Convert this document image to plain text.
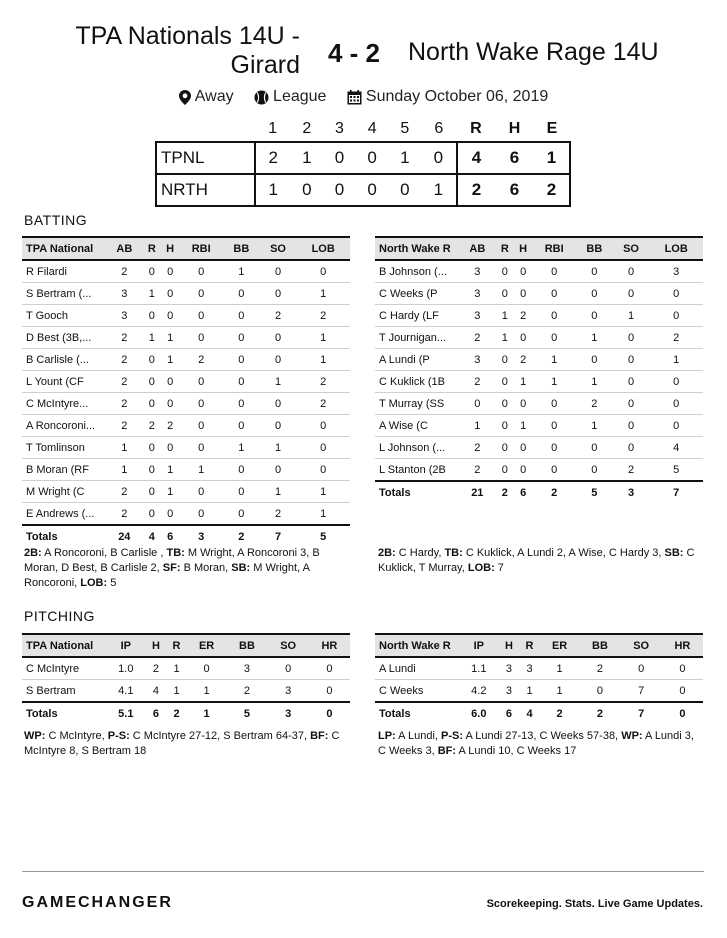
TPA Nationals 14U -
Girard	4 - 2	North Wake Rage 14U
Away
League
Sunday October 06, 2019
	1	2	3	4	5	6	R	H	E
TPNL	2	1	0	0	1	0	4	6	1
NRTH	1	0	0	0	0	1	2	6	2
BATTING
TPA National	AB	R	H	RBI	BB	SO	LOB
R Filardi	2	0	0	0	1	0	0
S Bertram (...	3	1	0	0	0	0	1
T Gooch	3	0	0	0	0	2	2
D Best (3B,...	2	1	1	0	0	0	1
B Carlisle (...	2	0	1	2	0	0	1
L Yount (CF	2	0	0	0	0	1	2
C McIntyre...	2	0	0	0	0	0	2
A Roncoroni...	2	2	2	0	0	0	0
T Tomlinson	1	0	0	0	1	1	0
B Moran (RF	1	0	1	1	0	0	0
M Wright (C	2	0	1	0	0	1	1
E Andrews (...	2	0	0	0	0	2	1
Totals	24	4	6	3	2	7	5
North Wake R	AB	R	H	RBI	BB	SO	LOB
B Johnson (...	3	0	0	0	0	0	3
C Weeks (P	3	0	0	0	0	0	0
C Hardy (LF	3	1	2	0	0	1	0
T Journigan...	2	1	0	0	1	0	2
A Lundi (P	3	0	2	1	0	0	1
C Kuklick (1B	2	0	1	1	1	0	0
T Murray (SS	0	0	0	0	2	0	0
A Wise (C	1	0	1	0	1	0	0
L Johnson (...	2	0	0	0	0	0	4
L Stanton (2B	2	0	0	0	0	2	5
Totals	21	2	6	2	5	3	7
2B: A Roncoroni, B Carlisle , TB: M Wright, A Roncoroni 3, B Moran, D Best, B Carlisle 2, SF: B Moran, SB: M Wright, A Roncoroni, LOB: 5
2B: C Hardy, TB: C Kuklick, A Lundi 2, A Wise, C Hardy 3, SB: C Kuklick, T Murray, LOB: 7
PITCHING
TPA National	IP	H	R	ER	BB	SO	HR
C McIntyre	1.0	2	1	0	3	0	0
S Bertram	4.1	4	1	1	2	3	0
Totals	5.1	6	2	1	5	3	0
North Wake R	IP	H	R	ER	BB	SO	HR
A Lundi	1.1	3	3	1	2	0	0
C Weeks	4.2	3	1	1	0	7	0
Totals	6.0	6	4	2	2	7	0
WP: C McIntyre, P-S: C McIntyre 27-12, S Bertram 64-37, BF: C McIntyre 8, S Bertram 18
LP: A Lundi, P-S: A Lundi 27-13, C Weeks 57-38, WP: A Lundi 3, C Weeks 3, BF: A Lundi 10, C Weeks 17
GAMECHANGER	Scorekeeping. Stats. Live Game Updates.
